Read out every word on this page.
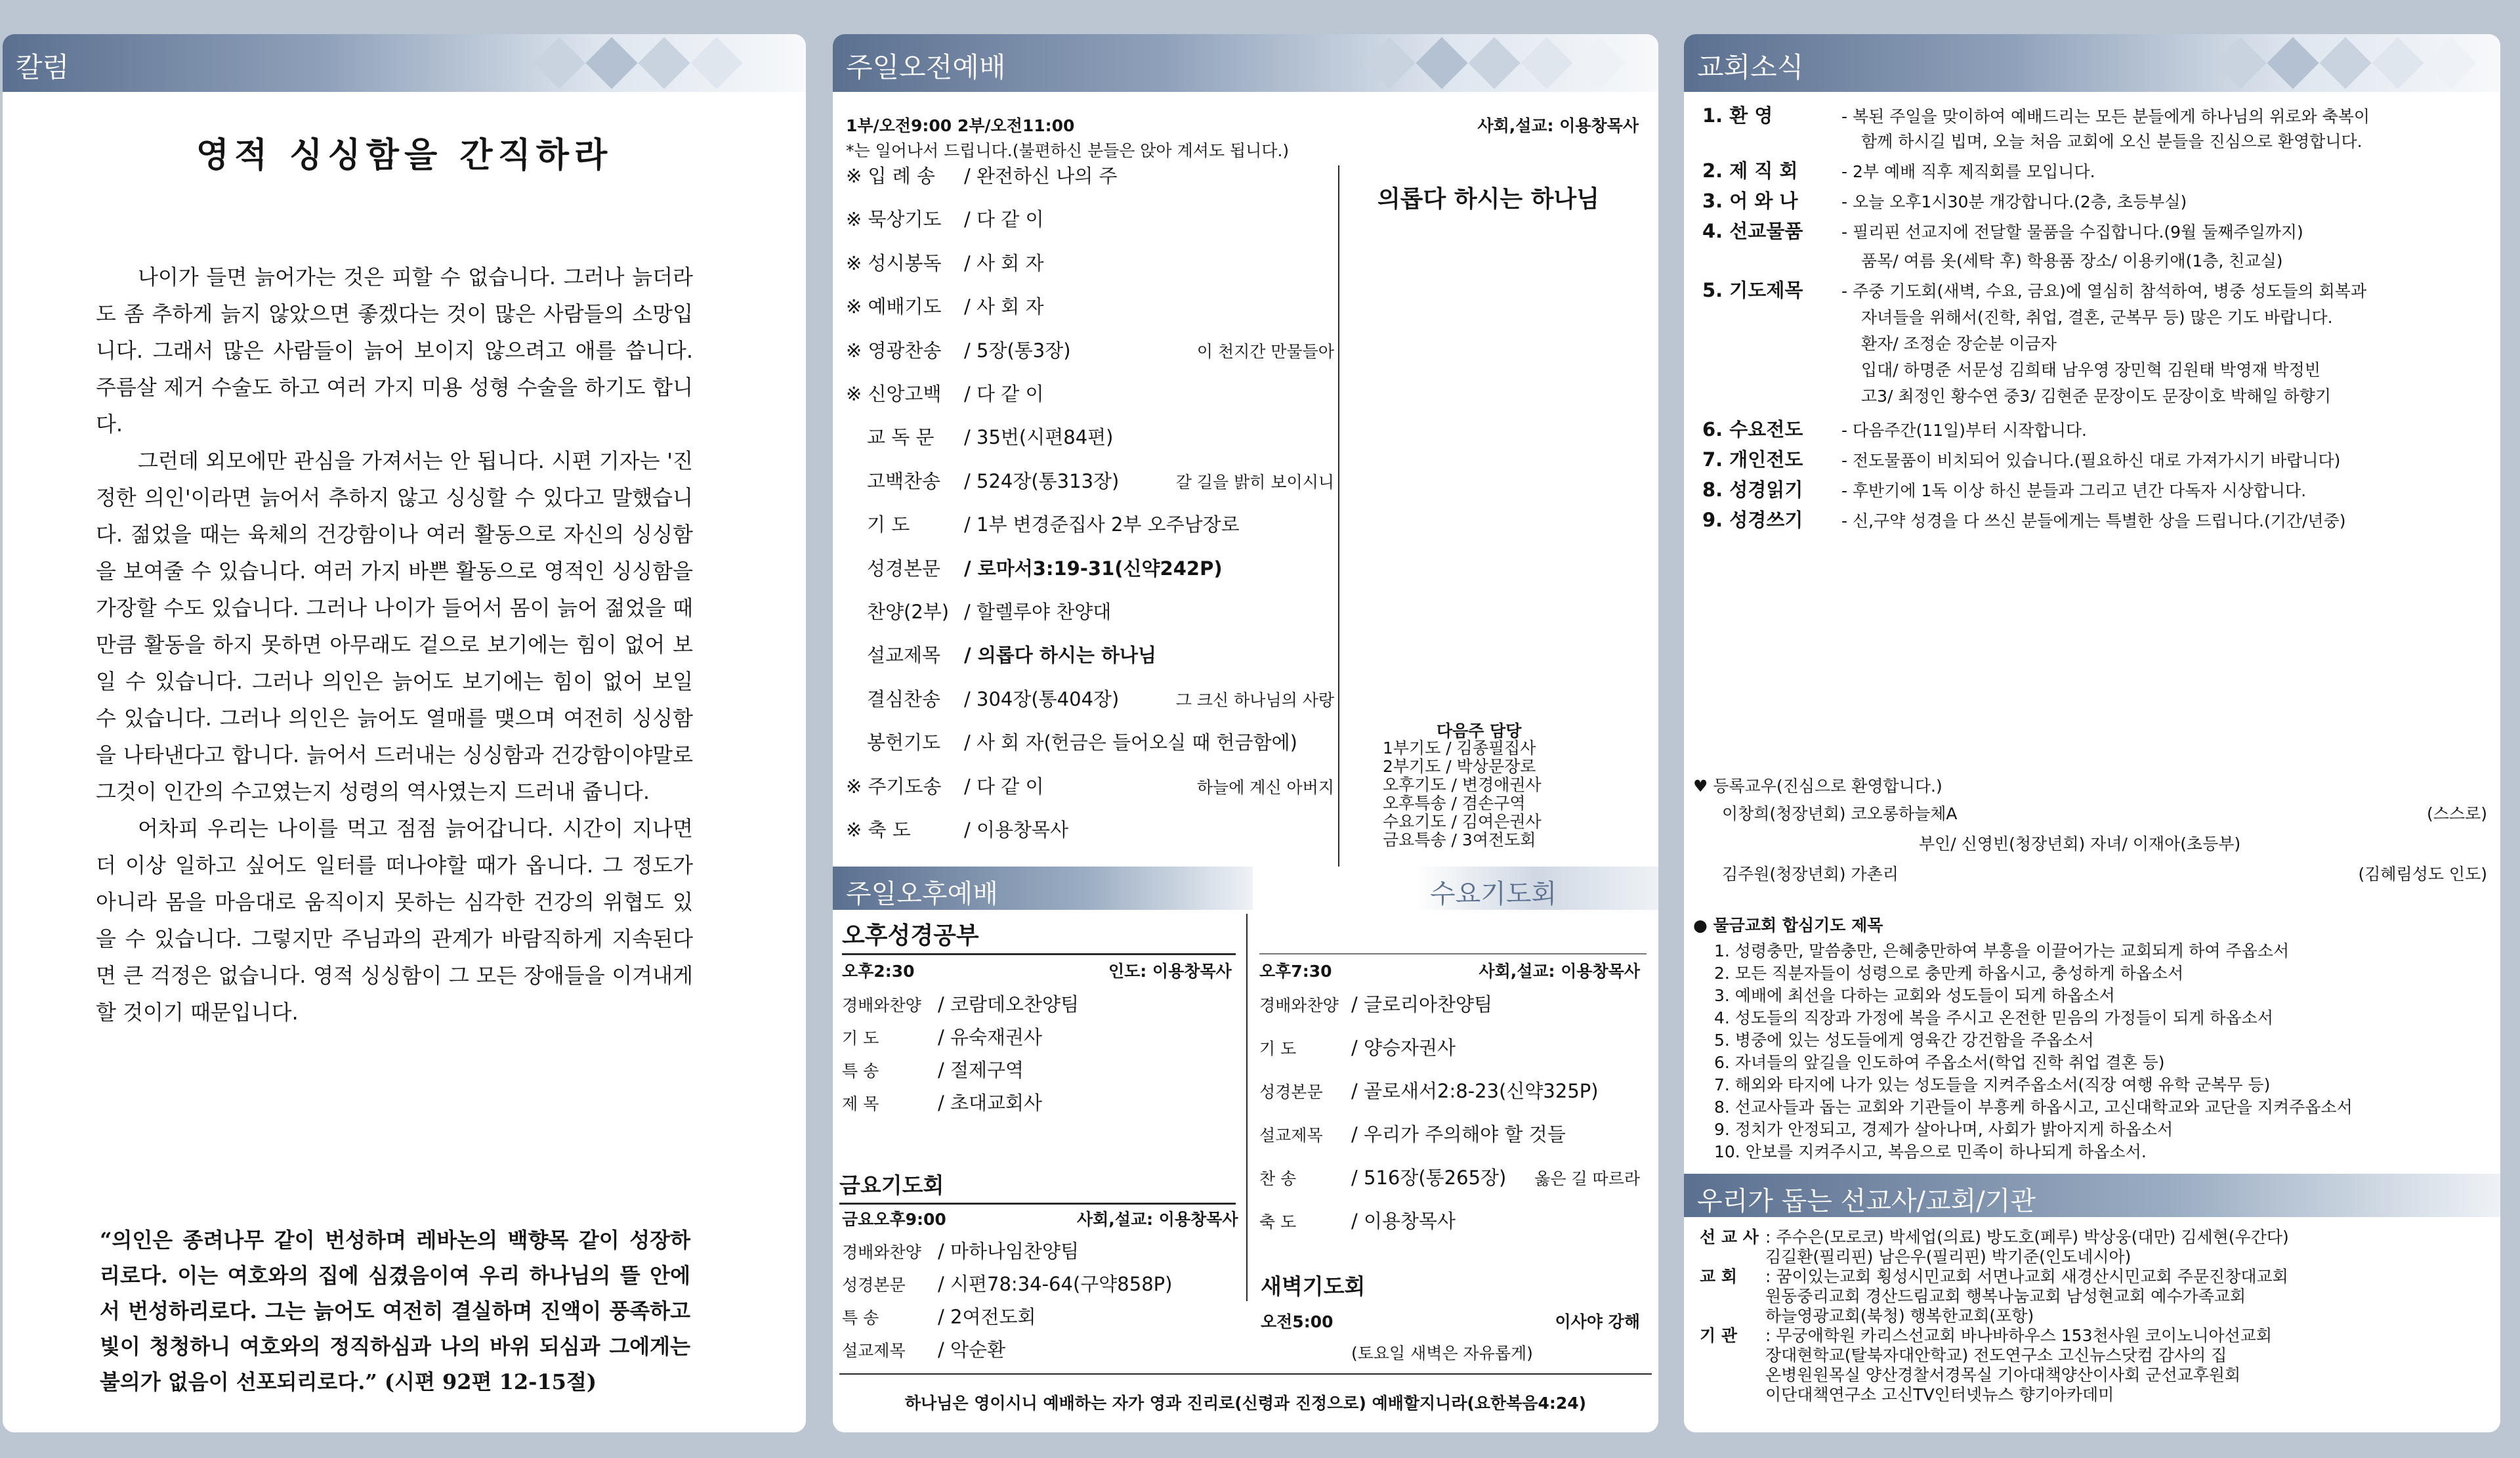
칼럼
영적 싱싱함을 간직하라

나이가 들면 늙어가는 것은 피할 수 없습니다. 그러나 늙더라도 좀 추하게 늙지 않았으면 좋겠다는 것이 많은 사람들의 소망입니다. 그래서 많은 사람들이 늙어 보이지 않으려고 애를 씁니다. 주름살 제거 수술도 하고 여러 가지 미용 성형 수술을 하기도 합니다.

그런데 외모에만 관심을 가져서는 안 됩니다. 시편 기자는 '진정한 의인'이라면 늙어서 추하지 않고 싱싱할 수 있다고 말했습니다. 젊었을 때는 육체의 건강함이나 여러 활동으로 자신의 싱싱함을 보여줄 수 있습니다. 여러 가지 바쁜 활동으로 영적인 싱싱함을 가장할 수도 있습니다. 그러나 나이가 들어서 몸이 늙어 젊었을 때만큼 활동을 하지 못하면 아무래도 겉으로 보기에는 힘이 없어 보일 수 있습니다. 그러나 의인은 늙어도 보기에는 힘이 없어 보일 수 있습니다. 그러나 의인은 늙어도 열매를 맺으며 여전히 싱싱함을 나타낸다고 합니다. 늙어서 드러내는 싱싱함과 건강함이야말로 그것이 인간의 수고였는지 성령의 역사였는지 드러내 줍니다.

어차피 우리는 나이를 먹고 점점 늙어갑니다. 시간이 지나면 더 이상 일하고 싶어도 일터를 떠나야할 때가 옵니다. 그 정도가 아니라 몸을 마음대로 움직이지 못하는 심각한 건강의 위협도 있을 수 있습니다. 그렇지만 주님과의 관계가 바람직하게 지속된다면 큰 걱정은 없습니다. 영적 싱싱함이 그 모든 장애들을 이겨내게 할 것이기 때문입니다.

“의인은 종려나무 같이 번성하며 레바논의 백향목 같이 성장하리로다. 이는 여호와의 집에 심겼음이여 우리 하나님의 뜰 안에서 번성하리로다. 그는 늙어도 여전히 결실하며 진액이 풍족하고 빛이 청청하니 여호와의 정직하심과 나의 바위 되심과 그에게는 불의가 없음이 선포되리로다.” (시편 92편 12-15절)
주일오전예배
1부/오전9:00 2부/오전11:00	사회,설교: 이용창목사
*는 일어나서 드립니다.(불편하신 분들은 앉아 계셔도 됩니다.)
※ 입 례 송 / 완전하신 나의 주
※ 묵상기도 / 다 같 이
※ 성시봉독 / 사 회 자
※ 예배기도 / 사 회 자
※ 영광찬송 / 5장(통3장)	이 천지간 만물들아
※ 신앙고백 / 다 같 이
교 독 문 / 35번(시편84편)
고백찬송 / 524장(통313장)	갈 길을 밝히 보이시니
기 도	/ 1부 변경준집사 2부 오주남장로
성경본문 / 로마서3:19-31(신약242P)
찬양(2부) / 할렐루야 찬양대
설교제목 / 의롭다 하시는 하나님
결심찬송 / 304장(통404장)	그 크신 하나님의 사랑
봉헌기도 / 사 회 자(헌금은 들어오실 때 헌금함에)
※ 주기도송 / 다 같 이	하늘에 계신 아버지
※ 축 도	/ 이용창목사
의롭다 하시는 하나님
다음주 담당
1부기도 / 김종필집사
2부기도 / 박상문장로
오후기도 / 변경애권사
오후특송 / 겸손구역
수요기도 / 김여은권사
금요특송 / 3여전도회
주일오후예배	수요기도회
오후성경공부
오후2:30	인도: 이용창목사
경배와찬양 / 코람데오찬양팀
기 도	/ 유숙재권사
특 송	/ 절제구역
제 목	/ 초대교회사
금요기도회
금요오후9:00	사회,설교: 이용창목사
경배와찬양 / 마하나임찬양팀
성경본문 / 시편78:34-64(구약858P)
특 송	/ 2여전도회
설교제목 / 악순환
오후7:30	사회,설교: 이용창목사
경배와찬양 / 글로리아찬양팀
기 도	/ 양승자권사
성경본문 / 골로새서2:8-23(신약325P)
설교제목 / 우리가 주의해야 할 것들
찬 송	/ 516장(통265장) 옳은 길 따르라
축 도	/ 이용창목사
새벽기도회
오전5:00	이사야 강해
(토요일 새벽은 자유롭게)
하나님은 영이시니 예배하는 자가 영과 진리로(신령과 진정으로) 예배할지니라(요한복음4:24)
교회소식
1. 환 영	- 복된 주일을 맞이하여 예배드리는 모든 분들에게 하나님의 위로와 축복이
함께 하시길 빕며, 오늘 처음 교회에 오신 분들을 진심으로 환영합니다.
2. 제 직 회	- 2부 예배 직후 제직회를 모입니다.
3. 어 와 나	- 오늘 오후1시30분 개강합니다.(2층, 초등부실)
4. 선교물품 - 필리핀 선교지에 전달할 물품을 수집합니다.(9월 둘째주일까지)
품목/ 여름 옷(세탁 후) 학용품 장소/ 이용키애(1층, 친교실)
5. 기도제목 - 주중 기도회(새벽, 수요, 금요)에 열심히 참석하여, 병중 성도들의 회복과
자녀들을 위해서(진학, 취업, 결혼, 군복무 등) 많은 기도 바랍니다.
환자/ 조정순 장순분 이금자
입대/ 하명준 서문성 김희태 남우영 장민혁 김원태 박영재 박정빈
고3/ 최정인 황수연 중3/ 김현준 문장이도 문장이호 박해일 하향기
6. 수요전도 - 다음주간(11일)부터 시작합니다.
7. 개인전도 - 전도물품이 비치되어 있습니다.(필요하신 대로 가져가시기 바랍니다)
8. 성경읽기 - 후반기에 1독 이상 하신 분들과 그리고 년간 다독자 시상합니다.
9. 성경쓰기 - 신,구약 성경을 다 쓰신 분들에게는 특별한 상을 드립니다.(기간/년중)
♥ 등록교우(진심으로 환영합니다.)
이창희(청장년회) 코오롱하늘체A	(스스로)
부인/ 신영빈(청장년회) 자녀/ 이재아(초등부)
김주원(청장년회) 가촌리	(김혜림성도 인도)
● 물금교회 합심기도 제목
1. 성령충만, 말씀충만, 은혜충만하여 부흥을 이끌어가는 교회되게 하여 주옵소서
2. 모든 직분자들이 성령으로 충만케 하옵시고, 충성하게 하옵소서
3. 예배에 최선을 다하는 교회와 성도들이 되게 하옵소서
4. 성도들의 직장과 가정에 복을 주시고 온전한 믿음의 가정들이 되게 하옵소서
5. 병중에 있는 성도들에게 영육간 강건함을 주옵소서
6. 자녀들의 앞길을 인도하여 주옵소서(학업 진학 취업 결혼 등)
7. 해외와 타지에 나가 있는 성도들을 지켜주옵소서(직장 여행 유학 군복무 등)
8. 선교사들과 돕는 교회와 기관들이 부흥케 하옵시고, 고신대학교와 교단을 지켜주옵소서
9. 정치가 안정되고, 경제가 살아나며, 사회가 밝아지게 하옵소서
10. 안보를 지켜주시고, 복음으로 민족이 하나되게 하옵소서.
우리가 돕는 선교사/교회/기관
선 교 사 : 주수은(모로코) 박세업(의료) 방도호(페루) 박상웅(대만) 김세현(우간다)
김길환(필리핀) 남은우(필리핀) 박기준(인도네시아)
교 회 : 꿈이있는교회 횡성시민교회 서면나교회 새경산시민교회 주문진창대교회
원동중리교회 경산드림교회 행복나눔교회 남성현교회 예수가족교회
하늘영광교회(북청) 행복한교회(포항)
기 관 : 무궁애학원 카리스선교회 바나바하우스 153천사원 코이노니아선교회
장대현학교(탈북자대안학교) 전도연구소 고신뉴스닷컴 감사의 집
온병원원목실 양산경찰서경목실 기아대책양산이사회 군선교후원회
이단대책연구소 고신TV인터넷뉴스 향기아카데미
